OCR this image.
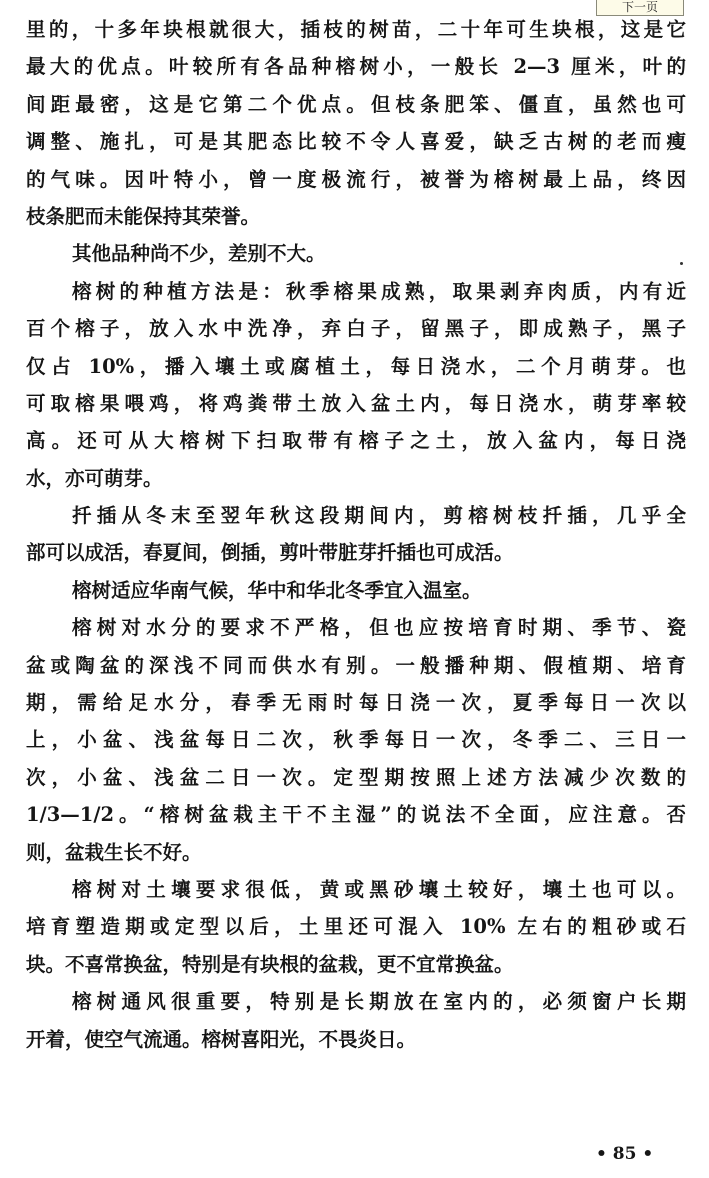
下一页
里的，十多年块根就很大，插枝的树苗，二十年可生块根，这是它
最大的优点。叶较所有各品种榕树小，一般长 2—3 厘米，叶的
间距最密，这是它第二个优点。但枝条肥笨、僵直，虽然也可
调整、施扎，可是其肥态比较不令人喜爱，缺乏古树的老而瘦
的气味。因叶特小，曾一度极流行，被誉为榕树最上品，终因
枝条肥而未能保持其荣誉。
其他品种尚不少，差别不大。
榕树的种植方法是：秋季榕果成熟，取果剥弃肉质，内有近
百个榕子，放入水中洗净，弃白子，留黑子，即成熟子，黑子
仅占 10%，播入壤土或腐植土，每日浇水，二个月萌芽。也
可取榕果喂鸡，将鸡粪带土放入盆土内，每日浇水，萌芽率较
高。还可从大榕树下扫取带有榕子之土，放入盆内，每日浇
水，亦可萌芽。
扦插从冬末至翌年秋这段期间内，剪榕树枝扦插，几乎全
部可以成活，春夏间，倒插，剪叶带脏芽扦插也可成活。
榕树适应华南气候，华中和华北冬季宜入温室。
榕树对水分的要求不严格，但也应按培育时期、季节、瓷
盆或陶盆的深浅不同而供水有别。一般播种期、假植期、培育
期，需给足水分，春季无雨时每日浇一次，夏季每日一次以
上，小盆、浅盆每日二次，秋季每日一次，冬季二、三日一
次，小盆、浅盆二日一次。定型期按照上述方法减少次数的
1/3—1/2。“榕树盆栽主干不主湿”的说法不全面，应注意。否
则，盆栽生长不好。
榕树对土壤要求很低，黄或黑砂壤土较好，壤土也可以。
培育塑造期或定型以后，土里还可混入 10% 左右的粗砂或石
块。不喜常换盆，特别是有块根的盆栽，更不宜常换盆。
榕树通风很重要，特别是长期放在室内的，必须窗户长期
开着，使空气流通。榕树喜阳光，不畏炎日。
• 85 •
